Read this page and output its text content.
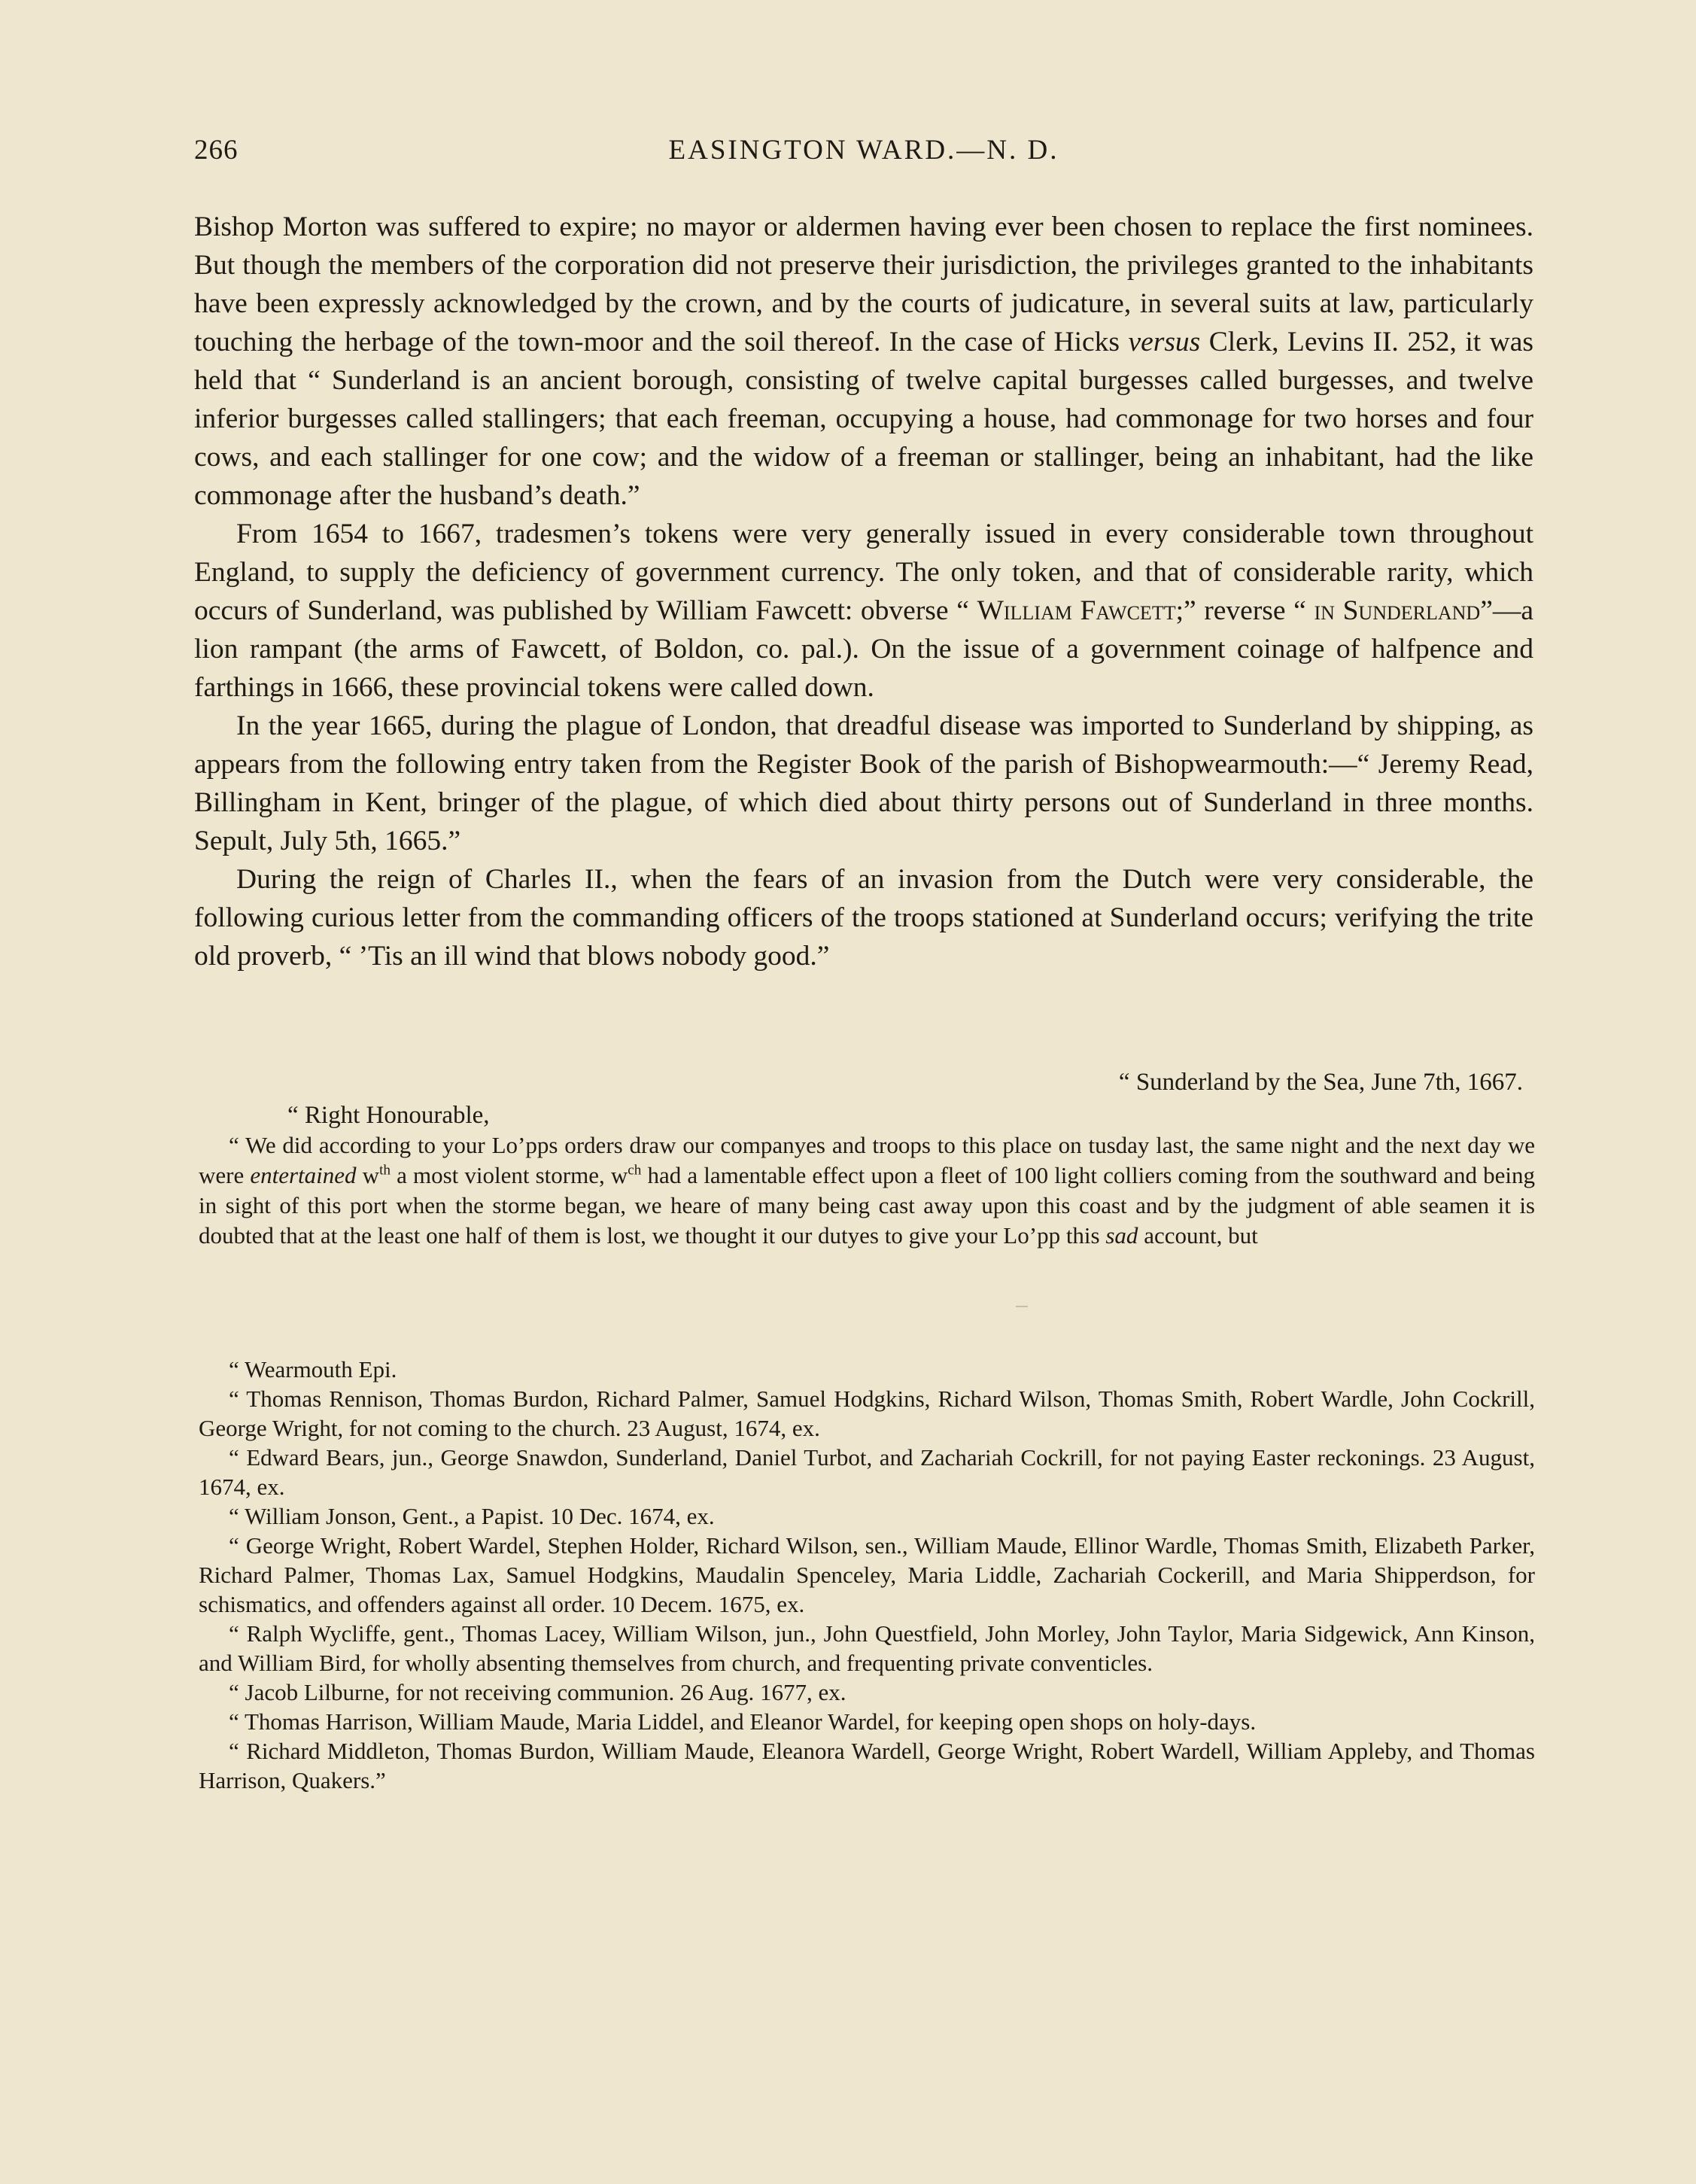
266	EASINGTON WARD.—N. D.

Bishop Morton was suffered to expire; no mayor or aldermen having ever been chosen to replace the first nominees. But though the members of the corporation did not preserve their jurisdiction, the privileges granted to the inhabitants have been expressly acknowledged by the crown, and by the courts of judicature, in several suits at law, particularly touching the herbage of the town-moor and the soil thereof. In the case of Hicks versus Clerk, Levins II. 252, it was held that “ Sunderland is an ancient borough, consisting of twelve capital burgesses called burgesses, and twelve inferior burgesses called stallingers; that each freeman, occupying a house, had commonage for two horses and four cows, and each stallinger for one cow; and the widow of a freeman or stallinger, being an inhabitant, had the like commonage after the husband’s death.”

From 1654 to 1667, tradesmen’s tokens were very generally issued in every considerable town throughout England, to supply the deficiency of government currency. The only token, and that of considerable rarity, which occurs of Sunderland, was published by William Fawcett: obverse “ William Fawcett;” reverse “ in Sunderland”—a lion rampant (the arms of Fawcett, of Boldon, co. pal.). On the issue of a government coinage of halfpence and farthings in 1666, these provincial tokens were called down.

In the year 1665, during the plague of London, that dreadful disease was imported to Sunderland by shipping, as appears from the following entry taken from the Register Book of the parish of Bishopwearmouth:—“ Jeremy Read, Billingham in Kent, bringer of the plague, of which died about thirty persons out of Sunderland in three months. Sepult, July 5th, 1665.”

During the reign of Charles II., when the fears of an invasion from the Dutch were very considerable, the following curious letter from the commanding officers of the troops stationed at Sunderland occurs; verifying the trite old proverb, “ ’Tis an ill wind that blows nobody good.”

“ Sunderland by the Sea, June 7th, 1667.
“ Right Honourable,

“ We did according to your Lo’pps orders draw our companyes and troops to this place on tusday last, the same night and the next day we were entertained $w^{th}$ a most violent storme, $w^{ch}$ had a lamentable effect upon a fleet of 100 light colliers coming from the southward and being in sight of this port when the storme began, we heare of many being cast away upon this coast and by the judgment of able seamen it is doubted that at the least one half of them is lost, we thought it our dutyes to give your Lo’pp this sad account, but

“ Wearmouth Epi.

“ Thomas Rennison, Thomas Burdon, Richard Palmer, Samuel Hodgkins, Richard Wilson, Thomas Smith, Robert Wardle, John Cockrill, George Wright, for not coming to the church. 23 August, 1674, ex.

“ Edward Bears, jun., George Snawdon, Sunderland, Daniel Turbot, and Zachariah Cockrill, for not paying Easter reckonings. 23 August, 1674, ex.

“ William Jonson, Gent., a Papist. 10 Dec. 1674, ex.

“ George Wright, Robert Wardel, Stephen Holder, Richard Wilson, sen., William Maude, Ellinor Wardle, Thomas Smith, Elizabeth Parker, Richard Palmer, Thomas Lax, Samuel Hodgkins, Maudalin Spenceley, Maria Liddle, Zachariah Cockerill, and Maria Shipperdson, for schismatics, and offenders against all order. 10 Decem. 1675, ex.

“ Ralph Wycliffe, gent., Thomas Lacey, William Wilson, jun., John Questfield, John Morley, John Taylor, Maria Sidgewick, Ann Kinson, and William Bird, for wholly absenting themselves from church, and frequenting private conventicles.

“ Jacob Lilburne, for not receiving communion. 26 Aug. 1677, ex.

“ Thomas Harrison, William Maude, Maria Liddel, and Eleanor Wardel, for keeping open shops on holy-days.

“ Richard Middleton, Thomas Burdon, William Maude, Eleanora Wardell, George Wright, Robert Wardell, William Appleby, and Thomas Harrison, Quakers.”
